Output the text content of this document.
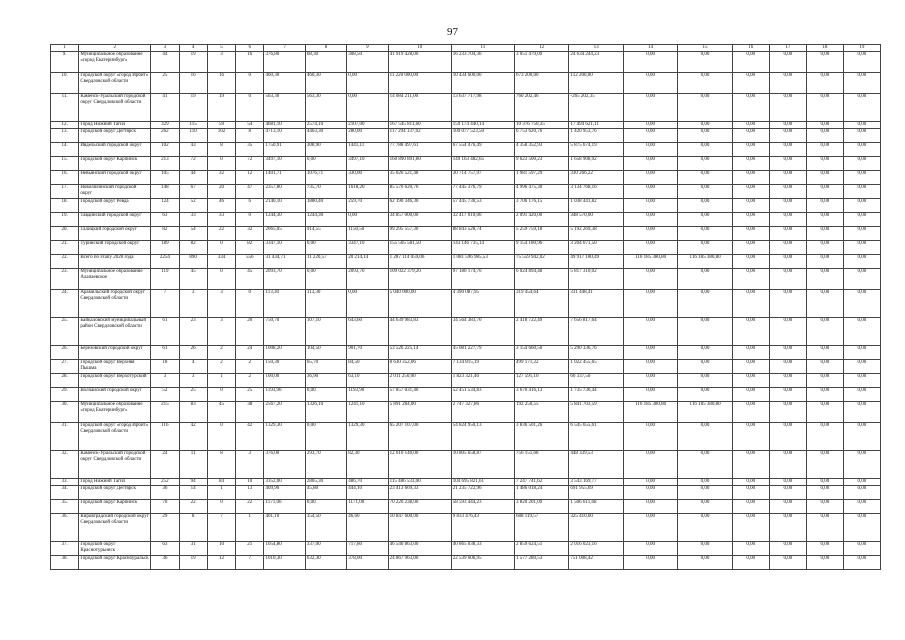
97
1	2	3	4	5	6	7	8	9	10	11	12	13	14	15	16	17	18	19
9.	Муниципальное образование «город Екатеринбург»	44	19	3	16	376,80	68,30	308,50	41 919 428,00	16 233 704,30	3 051 479,09	24 634 244,23	0,00	0,00	0,00	0,00	0,00	0,00
10.	Городской округ «город Ирбит» Свердловской области	25	16	16	0	460,30	460,30	0,00	11 220 000,00	10 434 600,00	673 200,00	112 200,00	0,00	0,00	0,00	0,00	0,00	0,00
11.	Каменск-Уральский городской округ Свердловской области	41	19	19	0	563,30	563,30	0,00	14 084 211,00	13 637 717,98	760 202,46	-265 202,35	0,00	0,00	0,00	0,00	0,00	0,00
12.	Город Нижний Тагил	329	115	59	54	4681,10	2574,10	2107,00	167 545 811,60	159 174 440,14	10 376 750,35	17 494 621,11	0,00	0,00	0,00	0,00	0,00	0,00
13.	Городской округ Дегтярск	262	110	102	8	4713,10	4463,30	280,00	117 294 137,02	109 077 523,50	6 753 620,76	1 420 953,76	0,00	0,00	0,00	0,00	0,00	0,00
14.	Ивдельский городской округ	102	43	8	35	1750,91	308,90	1441,11	77 788 497,61	67 554 476,49	4 358 352,93	5 875 674,19	0,00	0,00	0,00	0,00	0,00	0,00
15.	Городской округ Карпинск	213	72	0	72	3497,10	0,00	3497,10	160 890 891,80	149 163 482,65	9 623 500,23	1 658 908,92	0,00	0,00	0,00	0,00	0,00	0,00
16.	Невьянский городской округ	105	44	32	12	1401,71	1076,71	330,00	35 026 521,48	30 714 757,97	1 981 597,29	330 266,22	0,00	0,00	0,00	0,00	0,00	0,00
17.	Новолялинский городской округ	148	67	20	47	2357,80	735,70	1618,20	85 576 620,76	77 445 376,79	4 996 475,30	3 134 768,16	0,00	0,00	0,00	0,00	0,00	0,00
18.	Городской округ Ревда	124	52	46	6	2140,10	1880,40	259,70	62 190 346,30	57 445 730,53	3 706 176,15	1 038 441,82	0,00	0,00	0,00	0,00	0,00	0,00
19.	Тавдинский городской округ	63	33	33	0	1244,30	1244,30	0,00	34 857 000,00	32 417 010,00	2 091 420,00	348 570,00	0,00	0,00	0,00	0,00	0,00	0,00
20.	Талицкий городской округ	82	54	22	32	2065,05	914,55	1150,50	99 295 557,30	88 843 528,74	5 259 759,18	5 192 269,38	0,00	0,00	0,00	0,00	0,00	0,00
21.	Туринский городской округ	189	82	0	82	3347,10	0,00	3347,10	155 505 581,50	143 146 735,14	9 154 180,96	3 204 671,50	0,00	0,00	0,00	0,00	0,00	0,00
22.	Всего по этапу 2020 года	2254	890	334	556	31 434,71	11 220,57	20 214,14	1 287 114 059,06	1 081 596 985,53	75 559 942,02	49 917 180,49	116 185 380,80	116 185 380,80	0,00	0,00	0,00	0,00
23.	Муниципальное образование Алапаевское	119	45	0	45	2093,70	0,00	2093,70	109 022 379,20	97 180 174,70	6 024 894,48	5 817 310,02	0,00	0,00	0,00	0,00	0,00	0,00
24.	Арамильский городской округ Свердловской области	7	3	3	0	113,30	113,30	0,00	5 040 000,00	4 390 087,95	319 454,64	331 448,41	0,00	0,00	0,00	0,00	0,00	0,00
25.	Байкаловский муниципальный район Свердловской области	61	23	3	20	750,70	107,10	643,60	44 639 983,83	34 564 383,70	2 418 722,49	7 656 817,64	0,00	0,00	0,00	0,00	0,00	0,00
26.	Березовский городской округ	61	26	2	24	1008,20	104,50	901,70	53 526 225,14	45 081 227,79	3 154 660,50	5 290 336,76	0,00	0,00	0,00	0,00	0,00	0,00
27.	Городской округ Верхняя Пышма	18	4	2	2	150,30	65,70	84,50	8 630 352,06	7 134 815,19	499 171,22	1 022 455,65	0,00	0,00	0,00	0,00	0,00	0,00
28.	Городской округ Верхотурский	3	3	1	2	100,00	36,90	63,10	2 011 250,00	1 823 321,40	127 591,10	60 337,50	0,00	0,00	0,00	0,00	0,00	0,00
29.	Волчанский городской округ	52	25	0	25	1193,90	0,00	1193,90	57 857 031,40	52 451 534,83	3 670 416,13	1 735 730,44	0,00	0,00	0,00	0,00	0,00	0,00
30.	Муниципальное образование «город Екатеринбург»	215	83	45	38	2567,20	1326,10	1241,10	5 891 284,00	2 747 327,86	192 250,55	5 841 703,59	116 185 380,80	116 185 380,80	0,00	0,00	0,00	0,00
31.	Городской округ «город Ирбит» Свердловской области	116	42	0	42	1329,30	0,00	1329,30	65 207 107,00	54 824 950,13	3 836 501,26	6 545 655,61	0,00	0,00	0,00	0,00	0,00	0,00
32.	Каменск-Уральский городской округ Свердловской области	24	11	8	3	376,00	293,70	82,30	12 010 140,00	10 805 658,87	756 151,68	448 339,53	0,00	0,00	0,00	0,00	0,00	0,00
33.	Город Нижний Тагил	252	94	84	10	3352,00	2865,30	486,70	115 486 533,00	104 695 821,61	7 247 741,62	3 543 169,77	0,00	0,00	0,00	0,00	0,00	0,00
34.	Городской округ Дегтярск	36	14	1	13	409,90	45,80	444,10	23 413 669,33	21 235 722,96	1 486 018,24	691 955,69	0,00	0,00	0,00	0,00	0,00	0,00
35.	Городской округ Карпинск	70	22	0	22	1171,00	0,00	1171,00	70 220 238,00	58 593 444,23	3 820 201,09	1 506 611,68	0,00	0,00	0,00	0,00	0,00	0,00
36.	Кировградский городской округ Свердловской области	29	8	7	1	401,10	354,50	46,60	10 847 600,00	9 833 476,43	688 119,57	325 410,00	0,00	0,00	0,00	0,00	0,00	0,00
37.	Городской округ Краснотурьинск	63	31	10	21	1054,80	337,00	717,80	46 540 863,00	40 865 038,33	2 859 624,51	2 016 023,16	0,00	0,00	0,00	0,00	0,00	0,00
38.	Городской округ Красноуральск	36	19	12	7	1010,30	632,30	378,00	24 867 963,00	22 539 606,95	1 577 280,53	751 008,42	0,00	0,00	0,00	0,00	0,00	0,00
